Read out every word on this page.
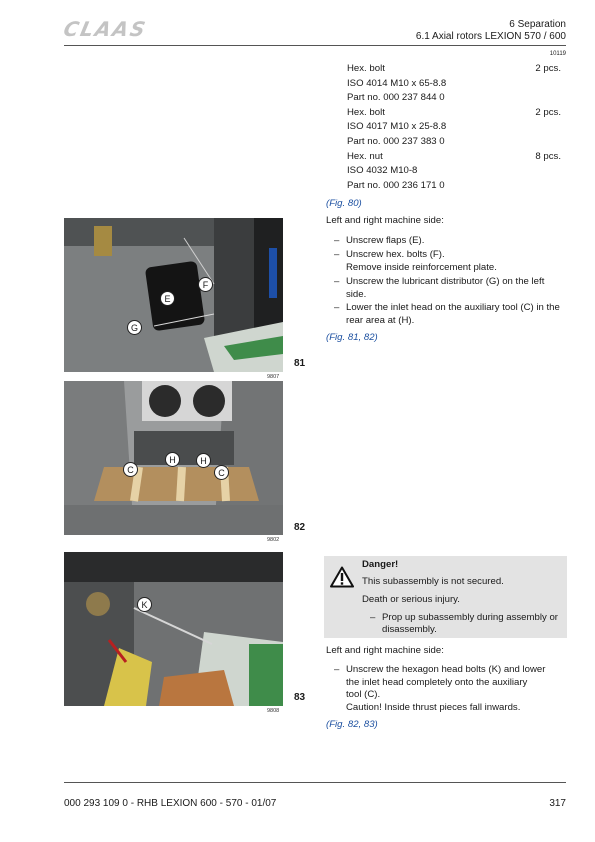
CLAAS	6 Separation
6.1 Axial rotors LEXION 570 / 600
10119
Hex. bolt	2 pcs.
ISO 4014 M10 x 65-8.8
Part no. 000 237 844 0
Hex. bolt	2 pcs.
ISO 4017 M10 x 25-8.8
Part no. 000 237 383 0
Hex. nut	8 pcs.
ISO 4032 M10-8
Part no. 000 236 171 0
(Fig. 80)
Left and right machine side:
– Unscrew flaps (E).
– Unscrew hex. bolts (F).
Remove inside reinforcement plate.
– Unscrew the lubricant distributor (G) on the left
side.
– Lower the inlet head on the auxiliary tool (C) in the
rear area at (H).
(Fig. 81, 82)
E
F
G
81
9807
H	H
C	C
82
9802
K
83
9808
Danger!
This subassembly is not secured.
Death or serious injury.
– Prop up subassembly during assembly or
disassembly.
Left and right machine side:
– Unscrew the hexagon head bolts (K) and lower
the inlet head completely onto the auxiliary
tool (C).
Caution! Inside thrust pieces fall inwards.
(Fig. 82, 83)
000 293 109 0 - RHB LEXION 600 - 570 - 01/07	317
